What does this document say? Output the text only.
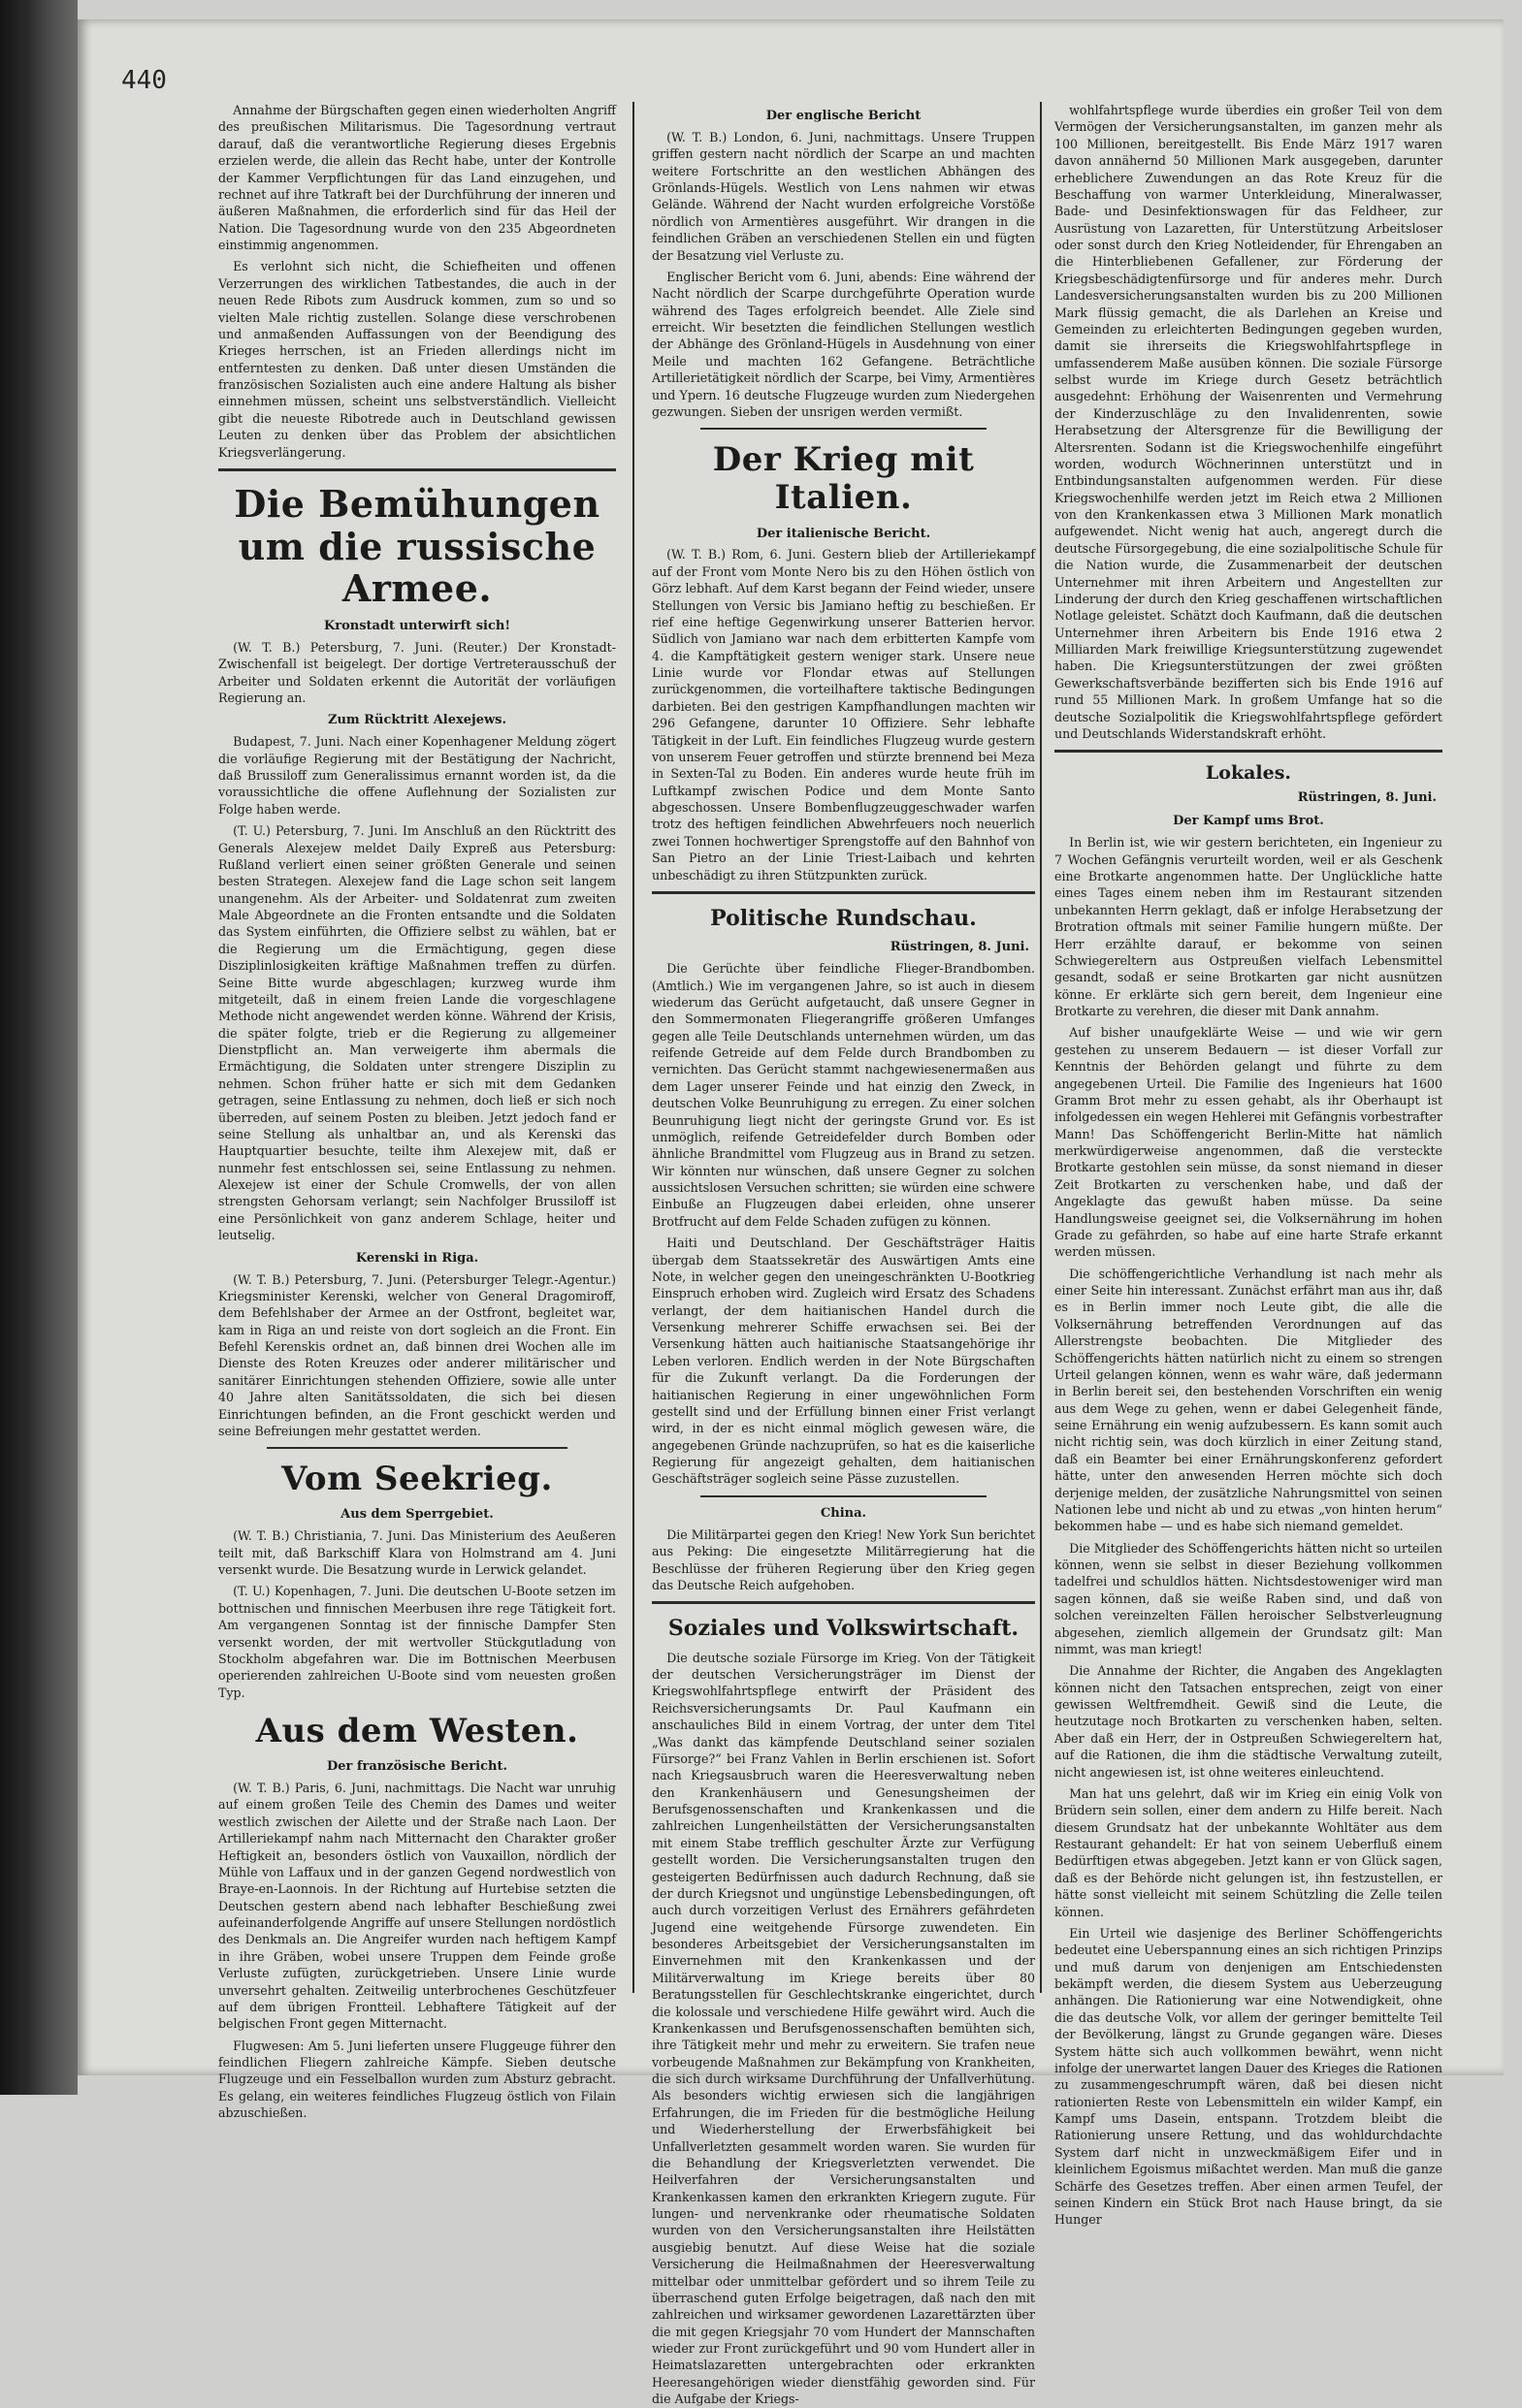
440

Annahme der Bürgschaften gegen einen wiederholten Angriff des preußischen Militarismus. Die Tagesordnung vertraut darauf, daß die verantwortliche Regierung dieses Ergebnis erzielen werde, die allein das Recht habe, unter der Kontrolle der Kammer Verpflichtungen für das Land einzugehen, und rechnet auf ihre Tatkraft bei der Durchführung der inneren und äußeren Maßnahmen, die erforderlich sind für das Heil der Nation. Die Tagesordnung wurde von den 235 Abgeordneten einstimmig angenommen.

Es verlohnt sich nicht, die Schiefheiten und offenen Verzerrungen des wirklichen Tatbestandes, die auch in der neuen Rede Ribots zum Ausdruck kommen, zum so und so vielten Male richtig zustellen. Solange diese verschrobenen und anmaßenden Auffassungen von der Beendigung des Krieges herrschen, ist an Frieden allerdings nicht im entferntesten zu denken. Daß unter diesen Umständen die französischen Sozialisten auch eine andere Haltung als bisher einnehmen müssen, scheint uns selbstverständlich. Vielleicht gibt die neueste Ribotrede auch in Deutschland gewissen Leuten zu denken über das Problem der absichtlichen Kriegsverlängerung.

Die Bemühungen um die russische Armee.
Kronstadt unterwirft sich!

(W. T. B.) Petersburg, 7. Juni. (Reuter.) Der Kronstadt-Zwischenfall ist beigelegt. Der dortige Vertreterausschuß der Arbeiter und Soldaten erkennt die Autorität der vorläufigen Regierung an.

Zum Rücktritt Alexejews.

Budapest, 7. Juni. Nach einer Kopenhagener Meldung zögert die vorläufige Regierung mit der Bestätigung der Nachricht, daß Brussiloff zum Generalissimus ernannt worden ist, da die voraussichtliche die offene Auflehnung der Sozialisten zur Folge haben werde.

(T. U.) Petersburg, 7. Juni. Im Anschluß an den Rücktritt des Generals Alexejew meldet Daily Expreß aus Petersburg: Rußland verliert einen seiner größten Generale und seinen besten Strategen. Alexejew fand die Lage schon seit langem unangenehm. Als der Arbeiter- und Soldatenrat zum zweiten Male Abgeordnete an die Fronten entsandte und die Soldaten das System einführten, die Offiziere selbst zu wählen, bat er die Regierung um die Ermächtigung, gegen diese Disziplinlosigkeiten kräftige Maßnahmen treffen zu dürfen. Seine Bitte wurde abgeschlagen; kurzweg wurde ihm mitgeteilt, daß in einem freien Lande die vorgeschlagene Methode nicht angewendet werden könne. Während der Krisis, die später folgte, trieb er die Regierung zu allgemeiner Dienstpflicht an. Man verweigerte ihm abermals die Ermächtigung, die Soldaten unter strengere Disziplin zu nehmen. Schon früher hatte er sich mit dem Gedanken getragen, seine Entlassung zu nehmen, doch ließ er sich noch überreden, auf seinem Posten zu bleiben. Jetzt jedoch fand er seine Stellung als unhaltbar an, und als Kerenski das Hauptquartier besuchte, teilte ihm Alexejew mit, daß er nunmehr fest entschlossen sei, seine Entlassung zu nehmen. Alexejew ist einer der Schule Cromwells, der von allen strengsten Gehorsam verlangt; sein Nachfolger Brussiloff ist eine Persönlichkeit von ganz anderem Schlage, heiter und leutselig.

Kerenski in Riga.

(W. T. B.) Petersburg, 7. Juni. (Petersburger Telegr.-Agentur.) Kriegsminister Kerenski, welcher von General Dragomiroff, dem Befehlshaber der Armee an der Ostfront, begleitet war, kam in Riga an und reiste von dort sogleich an die Front. Ein Befehl Kerenskis ordnet an, daß binnen drei Wochen alle im Dienste des Roten Kreuzes oder anderer militärischer und sanitärer Einrichtungen stehenden Offiziere, sowie alle unter 40 Jahre alten Sanitätssoldaten, die sich bei diesen Einrichtungen befinden, an die Front geschickt werden und seine Befreiungen mehr gestattet werden.

Vom Seekrieg.
Aus dem Sperrgebiet.

(W. T. B.) Christiania, 7. Juni. Das Ministerium des Aeußeren teilt mit, daß Barkschiff Klara von Holmstrand am 4. Juni versenkt wurde. Die Besatzung wurde in Lerwick gelandet.

(T. U.) Kopenhagen, 7. Juni. Die deutschen U-Boote setzen im bottnischen und finnischen Meerbusen ihre rege Tätigkeit fort. Am vergangenen Sonntag ist der finnische Dampfer Sten versenkt worden, der mit wertvoller Stückgutladung von Stockholm abgefahren war. Die im Bottnischen Meerbusen operierenden zahlreichen U-Boote sind vom neuesten großen Typ.

Aus dem Westen.
Der französische Bericht.

(W. T. B.) Paris, 6. Juni, nachmittags. Die Nacht war unruhig auf einem großen Teile des Chemin des Dames und weiter westlich zwischen der Ailette und der Straße nach Laon. Der Artilleriekampf nahm nach Mitternacht den Charakter großer Heftigkeit an, besonders östlich von Vauxaillon, nördlich der Mühle von Laffaux und in der ganzen Gegend nordwestlich von Braye-en-Laonnois. In der Richtung auf Hurtebise setzten die Deutschen gestern abend nach lebhafter Beschießung zwei aufeinanderfolgende Angriffe auf unsere Stellungen nordöstlich des Denkmals an. Die Angreifer wurden nach heftigem Kampf in ihre Gräben, wobei unsere Truppen dem Feinde große Verluste zufügten, zurückgetrieben. Unsere Linie wurde unversehrt gehalten. Zeitweilig unterbrochenes Geschützfeuer auf dem übrigen Frontteil. Lebhaftere Tätigkeit auf der belgischen Front gegen Mitternacht.

Flugwesen: Am 5. Juni lieferten unsere Fluggeuge führer den feindlichen Fliegern zahlreiche Kämpfe. Sieben deutsche Flugzeuge und ein Fesselballon wurden zum Absturz gebracht. Es gelang, ein weiteres feindliches Flugzeug östlich von Filain abzuschießen.

Der englische Bericht

(W. T. B.) London, 6. Juni, nachmittags. Unsere Truppen griffen gestern nacht nördlich der Scarpe an und machten weitere Fortschritte an den westlichen Abhängen des Grönlands-Hügels. Westlich von Lens nahmen wir etwas Gelände. Während der Nacht wurden erfolgreiche Vorstöße nördlich von Armentières ausgeführt. Wir drangen in die feindlichen Gräben an verschiedenen Stellen ein und fügten der Besatzung viel Verluste zu.

Englischer Bericht vom 6. Juni, abends: Eine während der Nacht nördlich der Scarpe durchgeführte Operation wurde während des Tages erfolgreich beendet. Alle Ziele sind erreicht. Wir besetzten die feindlichen Stellungen westlich der Abhänge des Grönland-Hügels in Ausdehnung von einer Meile und machten 162 Gefangene. Beträchtliche Artillerietätigkeit nördlich der Scarpe, bei Vimy, Armentières und Ypern. 16 deutsche Flugzeuge wurden zum Niedergehen gezwungen. Sieben der unsrigen werden vermißt.

Der Krieg mit Italien.
Der italienische Bericht.

(W. T. B.) Rom, 6. Juni. Gestern blieb der Artilleriekampf auf der Front vom Monte Nero bis zu den Höhen östlich von Görz lebhaft. Auf dem Karst begann der Feind wieder, unsere Stellungen von Versic bis Jamiano heftig zu beschießen. Er rief eine heftige Gegenwirkung unserer Batterien hervor. Südlich von Jamiano war nach dem erbitterten Kampfe vom 4. die Kampftätigkeit gestern weniger stark. Unsere neue Linie wurde vor Flondar etwas auf Stellungen zurückgenommen, die vorteilhaftere taktische Bedingungen darbieten. Bei den gestrigen Kampfhandlungen machten wir 296 Gefangene, darunter 10 Offiziere. Sehr lebhafte Tätigkeit in der Luft. Ein feindliches Flugzeug wurde gestern von unserem Feuer getroffen und stürzte brennend bei Meza in Sexten-Tal zu Boden. Ein anderes wurde heute früh im Luftkampf zwischen Podice und dem Monte Santo abgeschossen. Unsere Bombenflugzeuggeschwader warfen trotz des heftigen feindlichen Abwehrfeuers noch neuerlich zwei Tonnen hochwertiger Sprengstoffe auf den Bahnhof von San Pietro an der Linie Triest-Laibach und kehrten unbeschädigt zu ihren Stützpunkten zurück.

Politische Rundschau.
Rüstringen, 8. Juni.

Die Gerüchte über feindliche Flieger-Brandbomben. (Amtlich.) Wie im vergangenen Jahre, so ist auch in diesem wiederum das Gerücht aufgetaucht, daß unsere Gegner in den Sommermonaten Fliegerangriffe größeren Umfanges gegen alle Teile Deutschlands unternehmen würden, um das reifende Getreide auf dem Felde durch Brandbomben zu vernichten. Das Gerücht stammt nachgewiesenermaßen aus dem Lager unserer Feinde und hat einzig den Zweck, in deutschen Volke Beunruhigung zu erregen. Zu einer solchen Beunruhigung liegt nicht der geringste Grund vor. Es ist unmöglich, reifende Getreidefelder durch Bomben oder ähnliche Brandmittel vom Flugzeug aus in Brand zu setzen. Wir könnten nur wünschen, daß unsere Gegner zu solchen aussichtslosen Versuchen schritten; sie würden eine schwere Einbuße an Flugzeugen dabei erleiden, ohne unserer Brotfrucht auf dem Felde Schaden zufügen zu können.

Haiti und Deutschland. Der Geschäftsträger Haitis übergab dem Staatssekretär des Auswärtigen Amts eine Note, in welcher gegen den uneingeschränkten U-Bootkrieg Einspruch erhoben wird. Zugleich wird Ersatz des Schadens verlangt, der dem haitianischen Handel durch die Versenkung mehrerer Schiffe erwachsen sei. Bei der Versenkung hätten auch haitianische Staatsangehörige ihr Leben verloren. Endlich werden in der Note Bürgschaften für die Zukunft verlangt. Da die Forderungen der haitianischen Regierung in einer ungewöhnlichen Form gestellt sind und der Erfüllung binnen einer Frist verlangt wird, in der es nicht einmal möglich gewesen wäre, die angegebenen Gründe nachzuprüfen, so hat es die kaiserliche Regierung für angezeigt gehalten, dem haitianischen Geschäftsträger sogleich seine Pässe zuzustellen.

China.

Die Militärpartei gegen den Krieg! New York Sun berichtet aus Peking: Die eingesetzte Militärregierung hat die Beschlüsse der früheren Regierung über den Krieg gegen das Deutsche Reich aufgehoben.

Soziales und Volkswirtschaft.

Die deutsche soziale Fürsorge im Krieg. Von der Tätigkeit der deutschen Versicherungsträger im Dienst der Kriegswohlfahrtspflege entwirft der Präsident des Reichsversicherungsamts Dr. Paul Kaufmann ein anschauliches Bild in einem Vortrag, der unter dem Titel „Was dankt das kämpfende Deutschland seiner sozialen Fürsorge?“ bei Franz Vahlen in Berlin erschienen ist. Sofort nach Kriegsausbruch waren die Heeresverwaltung neben den Krankenhäusern und Genesungsheimen der Berufsgenossenschaften und Krankenkassen und die zahlreichen Lungenheilstätten der Versicherungsanstalten mit einem Stabe trefflich geschulter Ärzte zur Verfügung gestellt worden. Die Versicherungsanstalten trugen den gesteigerten Bedürfnissen auch dadurch Rechnung, daß sie der durch Kriegsnot und ungünstige Lebensbedingungen, oft auch durch vorzeitigen Verlust des Ernährers gefährdeten Jugend eine weitgehende Fürsorge zuwendeten. Ein besonderes Arbeitsgebiet der Versicherungsanstalten im Einvernehmen mit den Krankenkassen und der Militärverwaltung im Kriege bereits über 80 Beratungsstellen für Geschlechtskranke eingerichtet, durch die kolossale und verschiedene Hilfe gewährt wird. Auch die Krankenkassen und Berufsgenossenschaften bemühten sich, ihre Tätigkeit mehr und mehr zu erweitern. Sie trafen neue vorbeugende Maßnahmen zur Bekämpfung von Krankheiten, die sich durch wirksame Durchführung der Unfallverhütung. Als besonders wichtig erwiesen sich die langjährigen Erfahrungen, die im Frieden für die bestmögliche Heilung und Wiederherstellung der Erwerbsfähigkeit bei Unfallverletzten gesammelt worden waren. Sie wurden für die Behandlung der Kriegsverletzten verwendet. Die Heilverfahren der Versicherungsanstalten und Krankenkassen kamen den erkrankten Kriegern zugute. Für lungen- und nervenkranke oder rheumatische Soldaten wurden von den Versicherungsanstalten ihre Heilstätten ausgiebig benutzt. Auf diese Weise hat die soziale Versicherung die Heilmaßnahmen der Heeresverwaltung mittelbar oder unmittelbar gefördert und so ihrem Teile zu überraschend guten Erfolge beigetragen, daß nach den mit zahlreichen und wirksamer gewordenen Lazarettärzten über die mit gegen Kriegsjahr 70 vom Hundert der Mannschaften wieder zur Front zurückgeführt und 90 vom Hundert aller in Heimatslazaretten untergebrachten oder erkrankten Heeresangehörigen wieder dienstfähig geworden sind. Für die Aufgabe der Kriegs-

wohlfahrtspflege wurde überdies ein großer Teil von dem Vermögen der Versicherungsanstalten, im ganzen mehr als 100 Millionen, bereitgestellt. Bis Ende März 1917 waren davon annähernd 50 Millionen Mark ausgegeben, darunter erheblichere Zuwendungen an das Rote Kreuz für die Beschaffung von warmer Unterkleidung, Mineralwasser, Bade- und Desinfektionswagen für das Feldheer, zur Ausrüstung von Lazaretten, für Unterstützung Arbeitsloser oder sonst durch den Krieg Notleidender, für Ehrengaben an die Hinterbliebenen Gefallener, zur Förderung der Kriegsbeschädigtenfürsorge und für anderes mehr. Durch Landesversicherungsanstalten wurden bis zu 200 Millionen Mark flüssig gemacht, die als Darlehen an Kreise und Gemeinden zu erleichterten Bedingungen gegeben wurden, damit sie ihrerseits die Kriegswohlfahrtspflege in umfassenderem Maße ausüben können. Die soziale Fürsorge selbst wurde im Kriege durch Gesetz beträchtlich ausgedehnt: Erhöhung der Waisenrenten und Vermehrung der Kinderzuschläge zu den Invalidenrenten, sowie Herabsetzung der Altersgrenze für die Bewilligung der Altersrenten. Sodann ist die Kriegswochenhilfe eingeführt worden, wodurch Wöchnerinnen unterstützt und in Entbindungsanstalten aufgenommen werden. Für diese Kriegswochenhilfe werden jetzt im Reich etwa 2 Millionen von den Krankenkassen etwa 3 Millionen Mark monatlich aufgewendet. Nicht wenig hat auch, angeregt durch die deutsche Fürsorgegebung, die eine sozialpolitische Schule für die Nation wurde, die Zusammenarbeit der deutschen Unternehmer mit ihren Arbeitern und Angestellten zur Linderung der durch den Krieg geschaffenen wirtschaftlichen Notlage geleistet. Schätzt doch Kaufmann, daß die deutschen Unternehmer ihren Arbeitern bis Ende 1916 etwa 2 Milliarden Mark freiwillige Kriegsunterstützung zugewendet haben. Die Kriegsunterstützungen der zwei größten Gewerkschaftsverbände bezifferten sich bis Ende 1916 auf rund 55 Millionen Mark. In großem Umfange hat so die deutsche Sozialpolitik die Kriegswohlfahrtspflege gefördert und Deutschlands Widerstandskraft erhöht.

Lokales.
Rüstringen, 8. Juni.
Der Kampf ums Brot.

In Berlin ist, wie wir gestern berichteten, ein Ingenieur zu 7 Wochen Gefängnis verurteilt worden, weil er als Geschenk eine Brotkarte angenommen hatte. Der Unglückliche hatte eines Tages einem neben ihm im Restaurant sitzenden unbekannten Herrn geklagt, daß er infolge Herabsetzung der Brotration oftmals mit seiner Familie hungern müßte. Der Herr erzählte darauf, er bekomme von seinen Schwiegereltern aus Ostpreußen vielfach Lebensmittel gesandt, sodaß er seine Brotkarten gar nicht ausnützen könne. Er erklärte sich gern bereit, dem Ingenieur eine Brotkarte zu verehren, die dieser mit Dank annahm.

Auf bisher unaufgeklärte Weise — und wie wir gern gestehen zu unserem Bedauern — ist dieser Vorfall zur Kenntnis der Behörden gelangt und führte zu dem angegebenen Urteil. Die Familie des Ingenieurs hat 1600 Gramm Brot mehr zu essen gehabt, als ihr Oberhaupt ist infolgedessen ein wegen Hehlerei mit Gefängnis vorbestrafter Mann! Das Schöffengericht Berlin-Mitte hat nämlich merkwürdigerweise angenommen, daß die versteckte Brotkarte gestohlen sein müsse, da sonst niemand in dieser Zeit Brotkarten zu verschenken habe, und daß der Angeklagte das gewußt haben müsse. Da seine Handlungsweise geeignet sei, die Volksernährung im hohen Grade zu gefährden, so habe auf eine harte Strafe erkannt werden müssen.

Die schöffengerichtliche Verhandlung ist nach mehr als einer Seite hin interessant. Zunächst erfährt man aus ihr, daß es in Berlin immer noch Leute gibt, die alle die Volksernährung betreffenden Verordnungen auf das Allerstrengste beobachten. Die Mitglieder des Schöffengerichts hätten natürlich nicht zu einem so strengen Urteil gelangen können, wenn es wahr wäre, daß jedermann in Berlin bereit sei, den bestehenden Vorschriften ein wenig aus dem Wege zu gehen, wenn er dabei Gelegenheit fände, seine Ernährung ein wenig aufzubessern. Es kann somit auch nicht richtig sein, was doch kürzlich in einer Zeitung stand, daß ein Beamter bei einer Ernährungskonferenz gefordert hätte, unter den anwesenden Herren möchte sich doch derjenige melden, der zusätzliche Nahrungsmittel von seinen Nationen lebe und nicht ab und zu etwas „von hinten herum“ bekommen habe — und es habe sich niemand gemeldet.

Die Mitglieder des Schöffengerichts hätten nicht so urteilen können, wenn sie selbst in dieser Beziehung vollkommen tadelfrei und schuldlos hätten. Nichtsdestoweniger wird man sagen können, daß sie weiße Raben sind, und daß von solchen vereinzelten Fällen heroischer Selbstverleugnung abgesehen, ziemlich allgemein der Grundsatz gilt: Man nimmt, was man kriegt!

Die Annahme der Richter, die Angaben des Angeklagten können nicht den Tatsachen entsprechen, zeigt von einer gewissen Weltfremdheit. Gewiß sind die Leute, die heutzutage noch Brotkarten zu verschenken haben, selten. Aber daß ein Herr, der in Ostpreußen Schwiegereltern hat, auf die Rationen, die ihm die städtische Verwaltung zuteilt, nicht angewiesen ist, ist ohne weiteres einleuchtend.

Man hat uns gelehrt, daß wir im Krieg ein einig Volk von Brüdern sein sollen, einer dem andern zu Hilfe bereit. Nach diesem Grundsatz hat der unbekannte Wohltäter aus dem Restaurant gehandelt: Er hat von seinem Ueberfluß einem Bedürftigen etwas abgegeben. Jetzt kann er von Glück sagen, daß es der Behörde nicht gelungen ist, ihn festzustellen, er hätte sonst vielleicht mit seinem Schützling die Zelle teilen können.

Ein Urteil wie dasjenige des Berliner Schöffengerichts bedeutet eine Ueberspannung eines an sich richtigen Prinzips und muß darum von denjenigen am Entschiedensten bekämpft werden, die diesem System aus Ueberzeugung anhängen. Die Rationierung war eine Notwendigkeit, ohne die das deutsche Volk, vor allem der geringer bemittelte Teil der Bevölkerung, längst zu Grunde gegangen wäre. Dieses System hätte sich auch vollkommen bewährt, wenn nicht infolge der unerwartet langen Dauer des Krieges die Rationen zu zusammengeschrumpft wären, daß bei diesen nicht rationierten Reste von Lebensmitteln ein wilder Kampf, ein Kampf ums Dasein, entspann. Trotzdem bleibt die Rationierung unsere Rettung, und das wohldurchdachte System darf nicht in unzweckmäßigem Eifer und in kleinlichem Egoismus mißachtet werden. Man muß die ganze Schärfe des Gesetzes treffen. Aber einen armen Teufel, der seinen Kindern ein Stück Brot nach Hause bringt, da sie Hunger
